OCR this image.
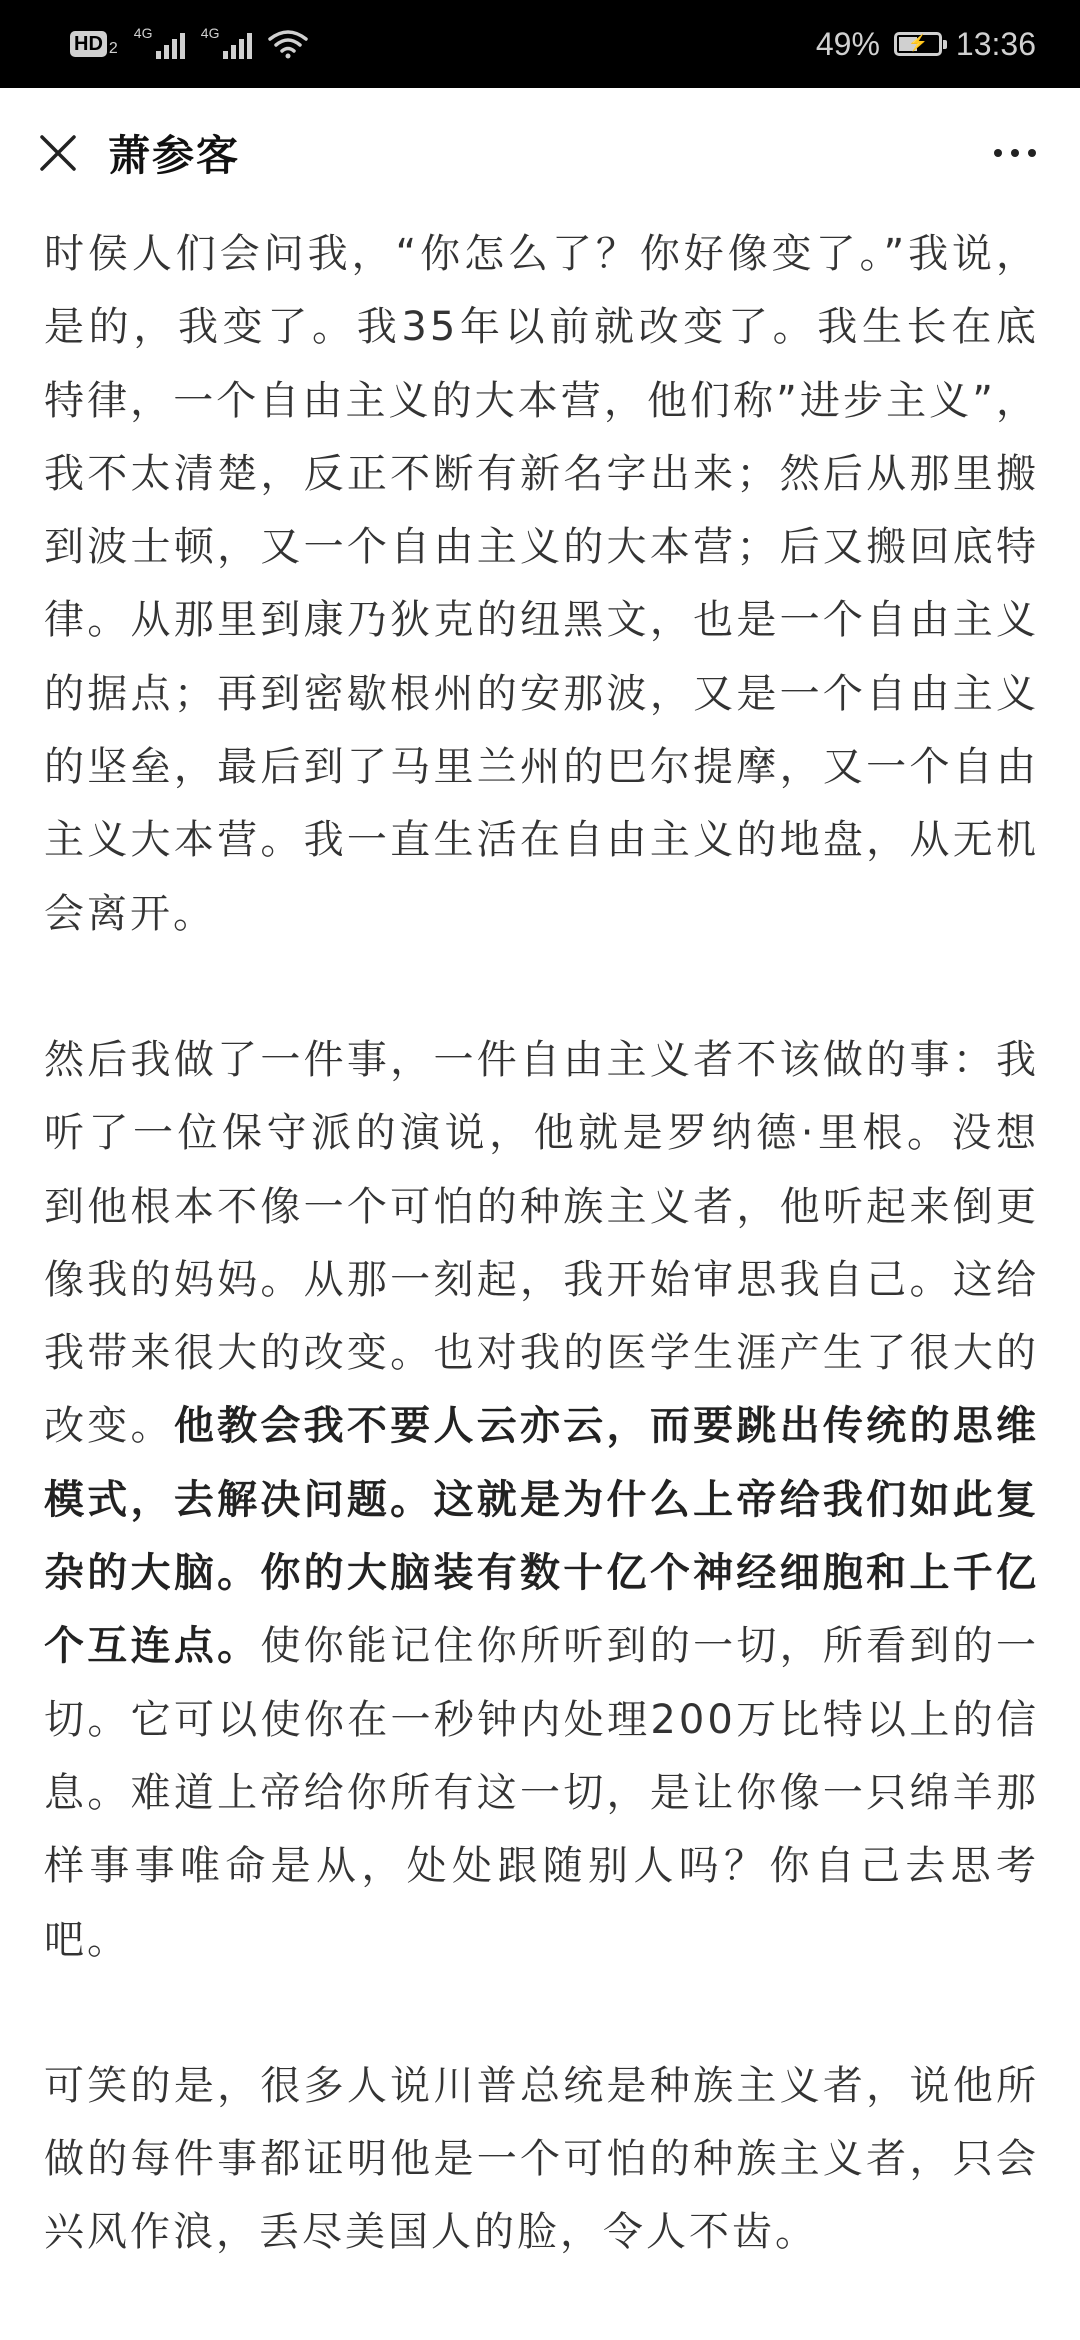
HD 2
4G	4G	49%	⚡ 13:36
萧参客

时侯人们会问我，“你怎么了？你好像变了。”我说，是的，我变了。我35年以前就改变了。我生长在底特律，一个自由主义的大本营，他们称”进步主义”，我不太清楚，反正不断有新名字出来；然后从那里搬到波士顿，又一个自由主义的大本营；后又搬回底特律。从那里到康乃狄克的纽黑文，也是一个自由主义的据点；再到密歇根州的安那波，又是一个自由主义的坚垒，最后到了马里兰州的巴尔提摩，又一个自由主义大本营。我一直生活在自由主义的地盘，从无机会离开。

然后我做了一件事，一件自由主义者不该做的事：我听了一位保守派的演说，他就是罗纳德·里根。没想到他根本不像一个可怕的种族主义者，他听起来倒更像我的妈妈。从那一刻起，我开始审思我自己。这给我带来很大的改变。也对我的医学生涯产生了很大的改变。他教会我不要人云亦云，而要跳出传统的思维模式，去解决问题。这就是为什么上帝给我们如此复杂的大脑。你的大脑装有数十亿个神经细胞和上千亿个互连点。使你能记住你所听到的一切，所看到的一切。它可以使你在一秒钟内处理200万比特以上的信息。难道上帝给你所有这一切，是让你像一只绵羊那样事事唯命是从，处处跟随别人吗？你自己去思考吧。

可笑的是，很多人说川普总统是种族主义者，说他所做的每件事都证明他是一个可怕的种族主义者，只会兴风作浪，丢尽美国人的脸，令人不齿。
